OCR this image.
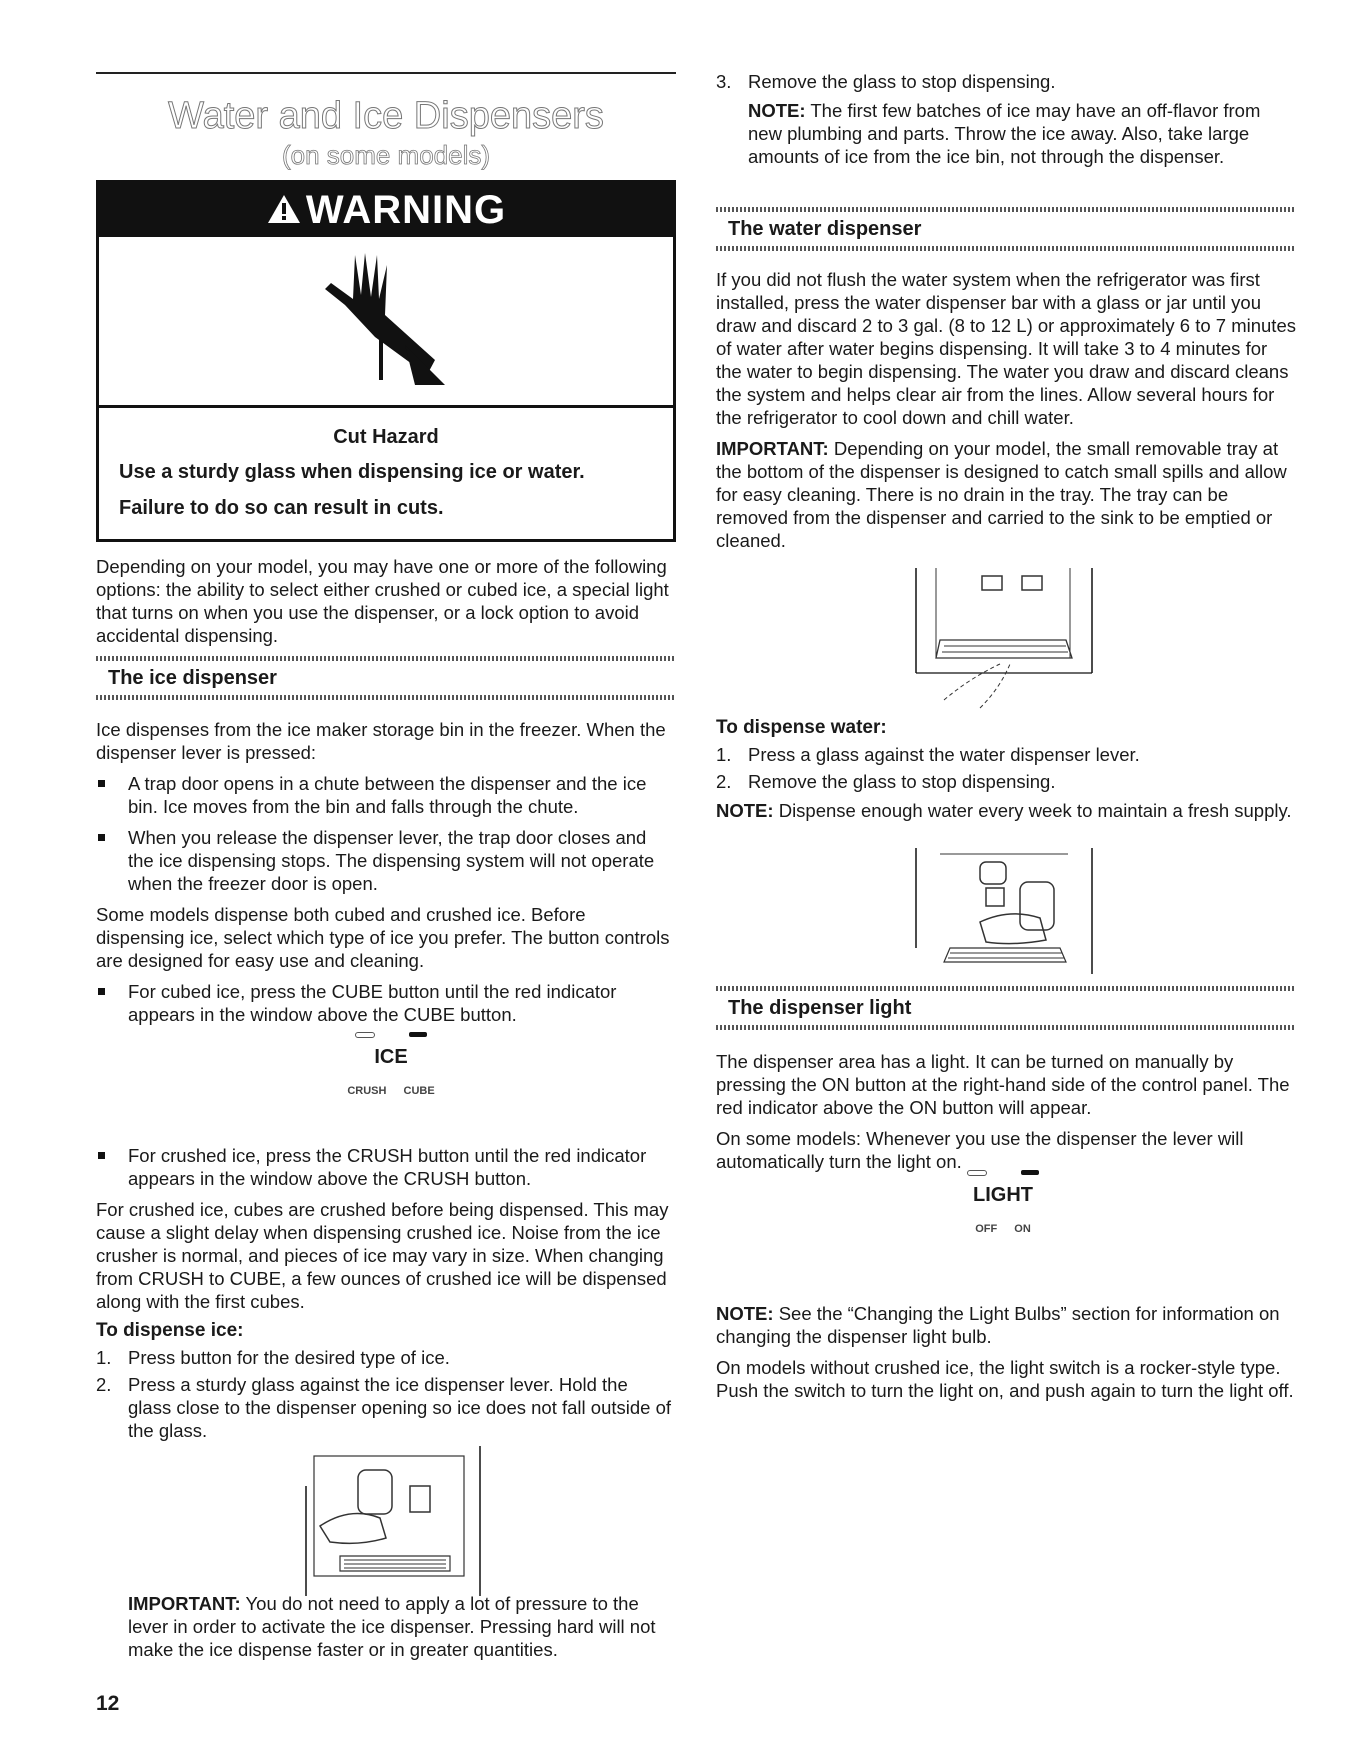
Water and Ice Dispensers
(on some models)
WARNING
Cut Hazard
Use a sturdy glass when dispensing ice or water.
Failure to do so can result in cuts.

Depending on your model, you may have one or more of the following options: the ability to select either crushed or cubed ice, a special light that turns on when you use the dispenser, or a lock option to avoid accidental dispensing.

The ice dispenser

Ice dispenses from the ice maker storage bin in the freezer. When the dispenser lever is pressed:

A trap door opens in a chute between the dispenser and the ice bin. Ice moves from the bin and falls through the chute.

When you release the dispenser lever, the trap door closes and the ice dispensing stops. The dispensing system will not operate when the freezer door is open.

Some models dispense both cubed and crushed ice. Before dispensing ice, select which type of ice you prefer. The button controls are designed for easy use and cleaning.

For cubed ice, press the CUBE button until the red indicator appears in the window above the CUBE button.

ICE
CRUSH CUBE

For crushed ice, press the CRUSH button until the red indicator appears in the window above the CRUSH button.

For crushed ice, cubes are crushed before being dispensed. This may cause a slight delay when dispensing crushed ice. Noise from the ice crusher is normal, and pieces of ice may vary in size. When changing from CRUSH to CUBE, a few ounces of crushed ice will be dispensed along with the first cubes.

To dispense ice:

1. Press button for the desired type of ice.

2. Press a sturdy glass against the ice dispenser lever. Hold the glass close to the dispenser opening so ice does not fall outside of the glass.

IMPORTANT: You do not need to apply a lot of pressure to the lever in order to activate the ice dispenser. Pressing hard will not make the ice dispense faster or in greater quantities.

12

3. Remove the glass to stop dispensing.

NOTE: The first few batches of ice may have an off-flavor from new plumbing and parts. Throw the ice away. Also, take large amounts of ice from the ice bin, not through the dispenser.

The water dispenser

If you did not flush the water system when the refrigerator was first installed, press the water dispenser bar with a glass or jar until you draw and discard 2 to 3 gal. (8 to 12 L) or approximately 6 to 7 minutes of water after water begins dispensing. It will take 3 to 4 minutes for the water to begin dispensing. The water you draw and discard cleans the system and helps clear air from the lines. Allow several hours for the refrigerator to cool down and chill water.

IMPORTANT: Depending on your model, the small removable tray at the bottom of the dispenser is designed to catch small spills and allow for easy cleaning. There is no drain in the tray. The tray can be removed from the dispenser and carried to the sink to be emptied or cleaned.

To dispense water:

1. Press a glass against the water dispenser lever.

2. Remove the glass to stop dispensing.

NOTE: Dispense enough water every week to maintain a fresh supply.

The dispenser light

The dispenser area has a light. It can be turned on manually by pressing the ON button at the right-hand side of the control panel. The red indicator above the ON button will appear.

On some models: Whenever you use the dispenser the lever will automatically turn the light on.

LIGHT
OFF ON

NOTE: See the “Changing the Light Bulbs” section for information on changing the dispenser light bulb.

On models without crushed ice, the light switch is a rocker-style type. Push the switch to turn the light on, and push again to turn the light off.
